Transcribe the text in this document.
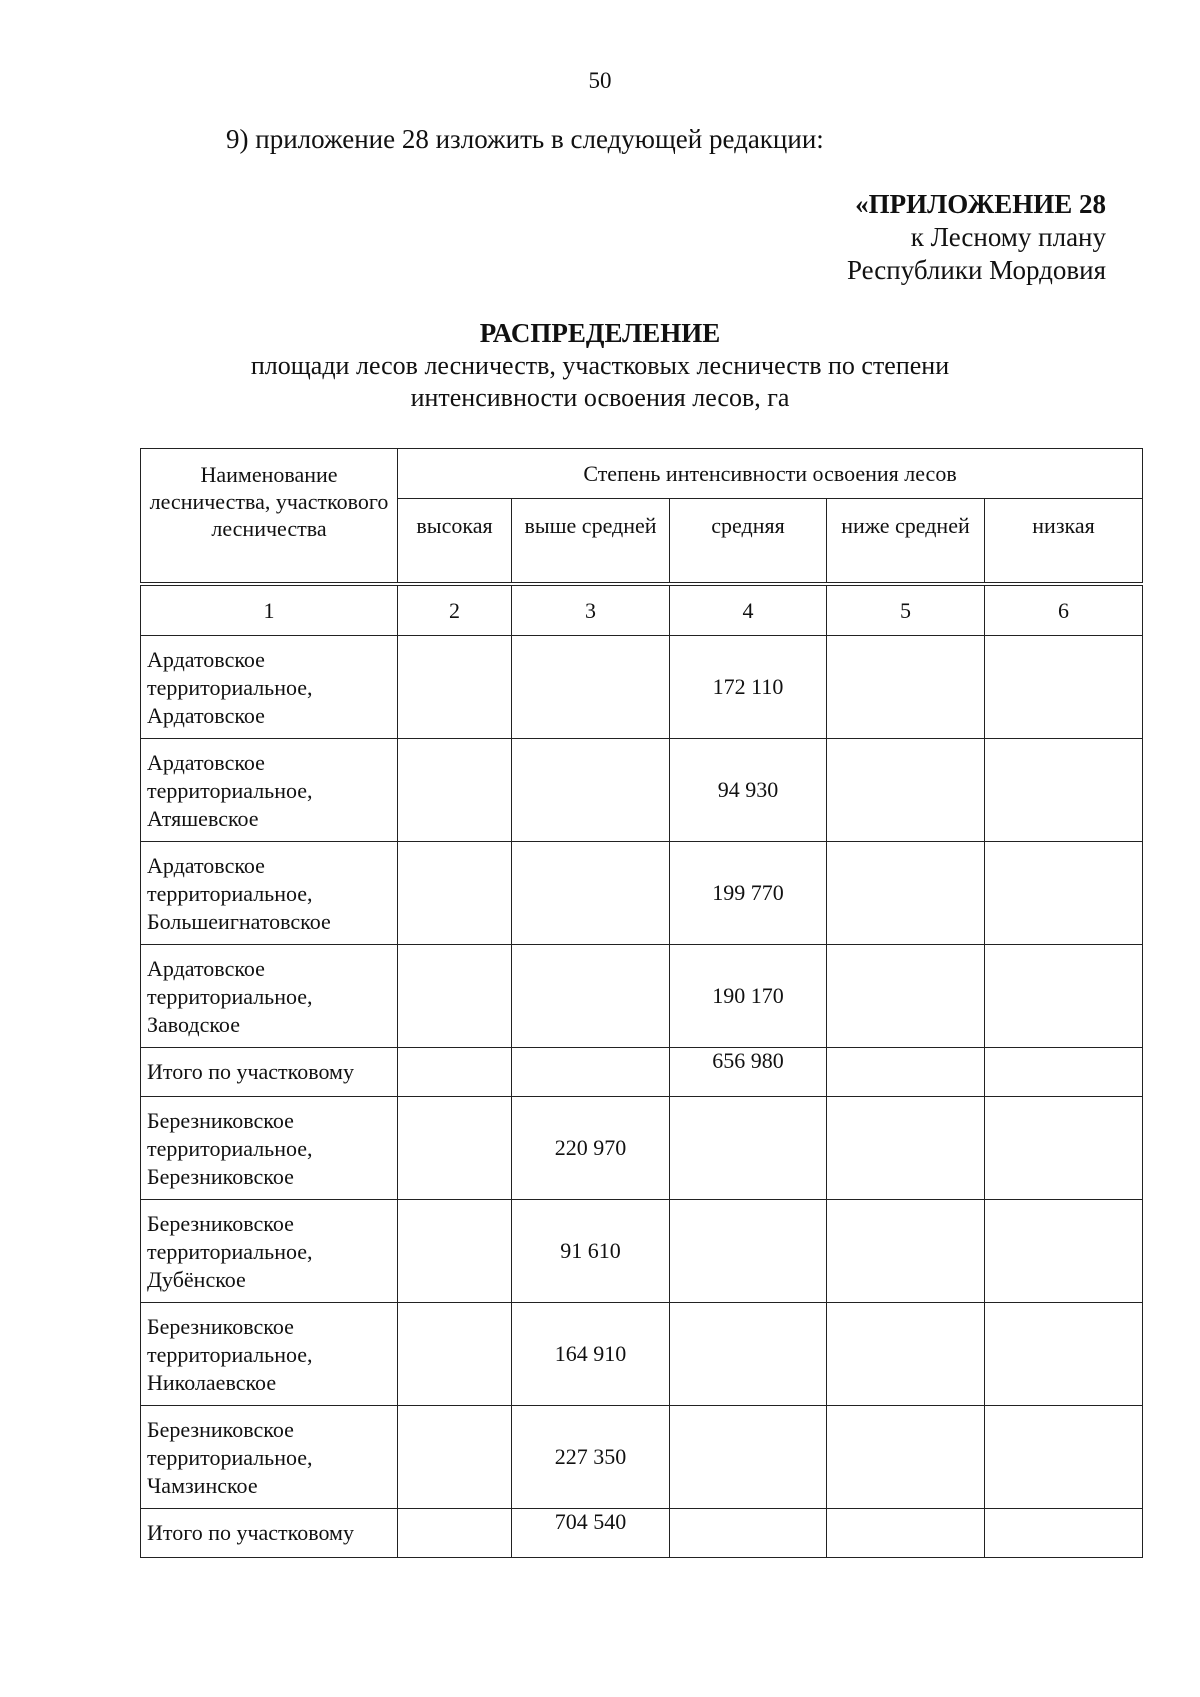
50
9) приложение 28 изложить в следующей редакции:
«ПРИЛОЖЕНИЕ 28
к Лесному плану
Республики Мордовия
РАСПРЕДЕЛЕНИЕ
площади лесов лесничеств, участковых лесничеств по степени
интенсивности освоения лесов, га
Наименование лесничества, участкового лесничества	Степень интенсивности освоения лесов				
	высокая	выше средней	средняя	ниже средней	низкая
1	2	3	4	5	6
Ардатовское территориальное, Ардатовское			172 110		
Ардатовское территориальное, Атяшевское			94 930		
Ардатовское территориальное, Большеигнатовское			199 770		
Ардатовское территориальное, Заводское			190 170		
Итого по участковому			656 980		
Березниковское территориальное, Березниковское		220 970			
Березниковское территориальное, Дубёнское		91 610			
Березниковское территориальное, Николаевское		164 910			
Березниковское территориальное, Чамзинское		227 350			
Итого по участковому		704 540			
